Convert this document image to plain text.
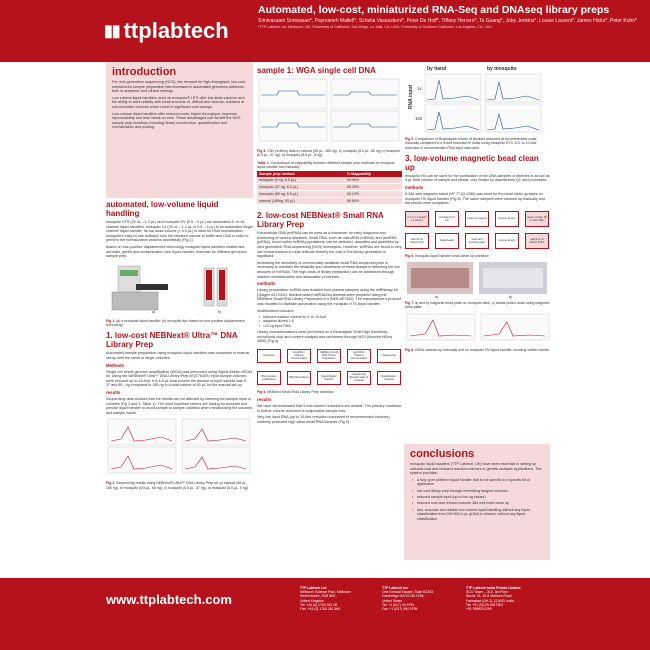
▮▮ ttplabtech
Automated, low-cost, miniaturized RNA-Seq and DNAseq library preps
Srinivasaiah Srinivasan*, Paymaneh Mallell*, Scheila Vassaslemi*, Peter De Hoff*, Tiffany Herrero*, To Guang*, Joby Jenkins*, Louise Laurent*, James Hicks*, Peter Kuhn*
*TTP Labtech Ltd, Melbourn, UK; *University of California, San Diego, La Jolla, CA, USA; *University of Southern California, Los Angeles, CA, USA
introduction

For next-generation sequencing (NGS), the demand for high-throughput, low-cost, miniaturized sample preparation has increased in automated genomics platforms both in academic and clinical settings.

Low volume liquid handlers, such as mosquito® HTS offer low dead volumes and the ability to work reliably with small amounts of, difficult and viscous, solutions at sub-microliter volumes which result in significant cost savings.

Low-volume liquid handlers offer reduced costs, higher throughput, improved reproducibility and less hands-on time. These advantages can benefit the NGS sample prep workflow, including library construction, quantification and normalization and pooling.

automated, low-volume liquid handling

mosquito HTS (25 nL – 1.2 µL) and mosquito HV (0.5 – 5 µL) are automated 8- or 16-channel liquid handlers. mosquito X1 (25 nL – 1.2 µL or 0.5 – 5 µL) is an automated single channel liquid handler. Its low dead volume (< 0.5 µL) is ideal for DNA normalization. mosquito's easy-to-use software runs the required volume of buffer and DNA in order to perform the normalization process seamlessly (Fig 1).

Based on true-positive displacement technology mosquito liquid handlers enable fast, accurate, gentle and contamination-free liquid transfer, essential for different genomics sample prep.

a)	b)
Fig 1. (a) a mosquito liquid handler, (b) mosquito tips based on true positive displacement technology
1. low-cost NEBNext® Ultra™ DNA Library Prep

Automated sample preparation using mosquito liquid handlers was compared to manual set-up with the same or larger volumes.

Methods

Single cell whole genome amplification (WGA) was performed using Sigma Aldrich WGA4 kit. Using the NEBNext® Ultra™ DNA Library Prep kit (E7645S) input sample volumes were reduced up to 10-fold. It is 6.5 µL total volume the amount of input sample was 5 - 37 and 65 - ng compared to 185 ng in a total volume of 65 µL for the manual set-up.

results

Sequencing data showed that the results are not affected by lowering the sample input or volumes (Fig 2 and 3, Table 1). The most important factors are having an accurate and precise liquid handler to avoid sample to sample variation when miniaturizing the volumes and sample inputs.

Fig 2. Sequencing results using NEBNext® Ultra™ DNA Library Prep kit: a) manual (65 µL, 185 ng), b) mosquito (6.5 µL, 65 ng), c) mosquito (6.5 µL, 37 ng), d) mosquito (6.5 µL, 5 ng)
sample 1: WGA single cell DNA
Fig 3. CNV profiling data a) manual (65 µL, 185 ng), b) mosquito (6.5 µL, 65 ng) c) mosquito (6.5 µL, 37 ng), d) mosquito (6.5 µL, 5 ng)
Table 1. Comparison of mappability between different sample prep methods on mosquito liquid handler and manually
Sample prep method	% Mappability
mosquito (5 ng, 6.5 µL)	59.96%
mosquito (37 ng, 6.5 µL)	65.20%
mosquito (65 ng, 6.5 µL)	63.12%
manual (185ng, 65 µL)	59.84%
2. low-cost NEBNext® Small RNA Library Prep

Extracellular RNA (exRNA) can be used as a biomarker for early diagnosis and monitoring of various diseases. Small RNA, such as microRNA (miRNA) and piwiRNA (piRNA), found within exRNA populations, can be detected, classified and quantified by next generation RNA sequencing (NGS) techniques. However, exRNAs are found in very low concentrations in most biofluids thereby the cost of the library generation is significant.

Increasing the sensitivity of commercially available small RNA sequencing kits is necessary to maintain the reliability and robustness of these assays in detecting the low amounts of exRNAs. The high costs of library preparation can be addressed through reaction miniaturization and automation processes.

methods

Library preparation: exRNA was isolated from plasma samples using the miRNeasy kit (Qiagen #217004). Illumina based miRNASeq libraries were prepared using the NEBNext Small RNA Library Preparation Kit (NEB #E7300). The manufacturer's protocol was modified to facilitate automation using the mosquito HTS liquid handler.

Modifications included:

• reduced reaction volume by 5- to 10-fold
• adaptors diluted 1:6
• <10 ng input RNA

Library characterizations were performed on a Bioanalyzer DNA High Sensitivity microfluidic chip and content analysis was performed through NGS (Illumina HiSeq 4000) (Fig 4).

Extraction
ExoRNA / Plasma Concentration
NEBNext Small RNA Library Preparation
ExoRNA / Plasma Concentration
Sequencing
RNA isolation (miRNeasy)	RNA Bioanalyzer	Quantification Pippin®
Sequencing Bioinformatics & Analysis
Classification / Analysis
Fig 4. NEBnext Small RNA Library Prep workflow
results

We have demonstrated that 5-fold volume reductions are reliable. The primary roadblock to further volume reduction is evaporative sample loss.

Very low input RNA (up to 10-fold reduction compared to recommended volumes) routinely produced high value small RNA libraries (Fig 5).

by hand	by mosquito
RNA input 1x
10x
Fig 5. Comparison of BioAnalyzer traces of libraries prepared at recommended scale manually compared to a 5-fold reduction in scale using mosquito HTS. A 5- to 10-fold reduction in recommended RNA input was used.
3. low-volume magnetic bead clean up

mosquito HV can be used for the purification of the DNA samples or libraries in as low as 4 µL total volume of sample and beads, only limited by downstream QC and processes.

methods

A 384 well magnetic stand (VP 771Q 1286) was used for the bead clean up steps on mosquito HV liquid handler (Fig 6). The same samples were cleaned up manually and the results were compared.

1:1 or 1:2 beads: +1 volume
incubate for 5 min	place on magnet	remove all sup.	elute in 2.5µL TE or 10% TE/H
add 30 µL ethanol (x2)	ligate beads	wash and incubate plate	remove all sup.	add 8 µL of elution buffer
Fig 6. mosquito liquid handler bead clean up workflow
a)	b)
Fig 7. a) and b) magnetic bead plate on mosquito deck, c) beads pulled down using magnetic bead plate.
Fig 8. cDNA cleaned up manually and on mosquito HV liquid handler, showing similar results.
conclusions

mosquito liquid handlers (TTP Labtech, UK) have been essential in setting up reduced cost and reduced reaction volumes in genetic analysis applications. The system provides:

• a fully open platform liquid handler that is not specific to a specific kit or application
• low cost library prep through minimizing reagent volumes
• reduced sample input (up to low ng values)
• reduced cost and reduced volume 384 well bead clean up
• fast, accurate and reliable low volume liquid handling without any liquid classification from 200 000 in µL gDNA to ethanol, without any liquid classification
www.ttplabtech.com
TTP Labtech Ltd
Melbourn Science Park, Melbourn
Hertfordshire, SG8 6EE,
United Kingdom
Tel: +44 (0) 1763 262 26
Fax: +44 (0) 1763 261 964
TTP Labtech Inc
One Kendall Square, Suite B2303
Cambridge MA 02139-1594,
United States
Tel: +1 (617) 49 9794
Fax: +1 (617) 494 9795
TTP Labtech India Private Limited
SCO Tower – 310, 3rd Floor
Sector 31, 16-5 Mathura Road
Faridabad (NH-2) 121003, India
Tel: +91 (0)129 4307300
+91 9999201299
